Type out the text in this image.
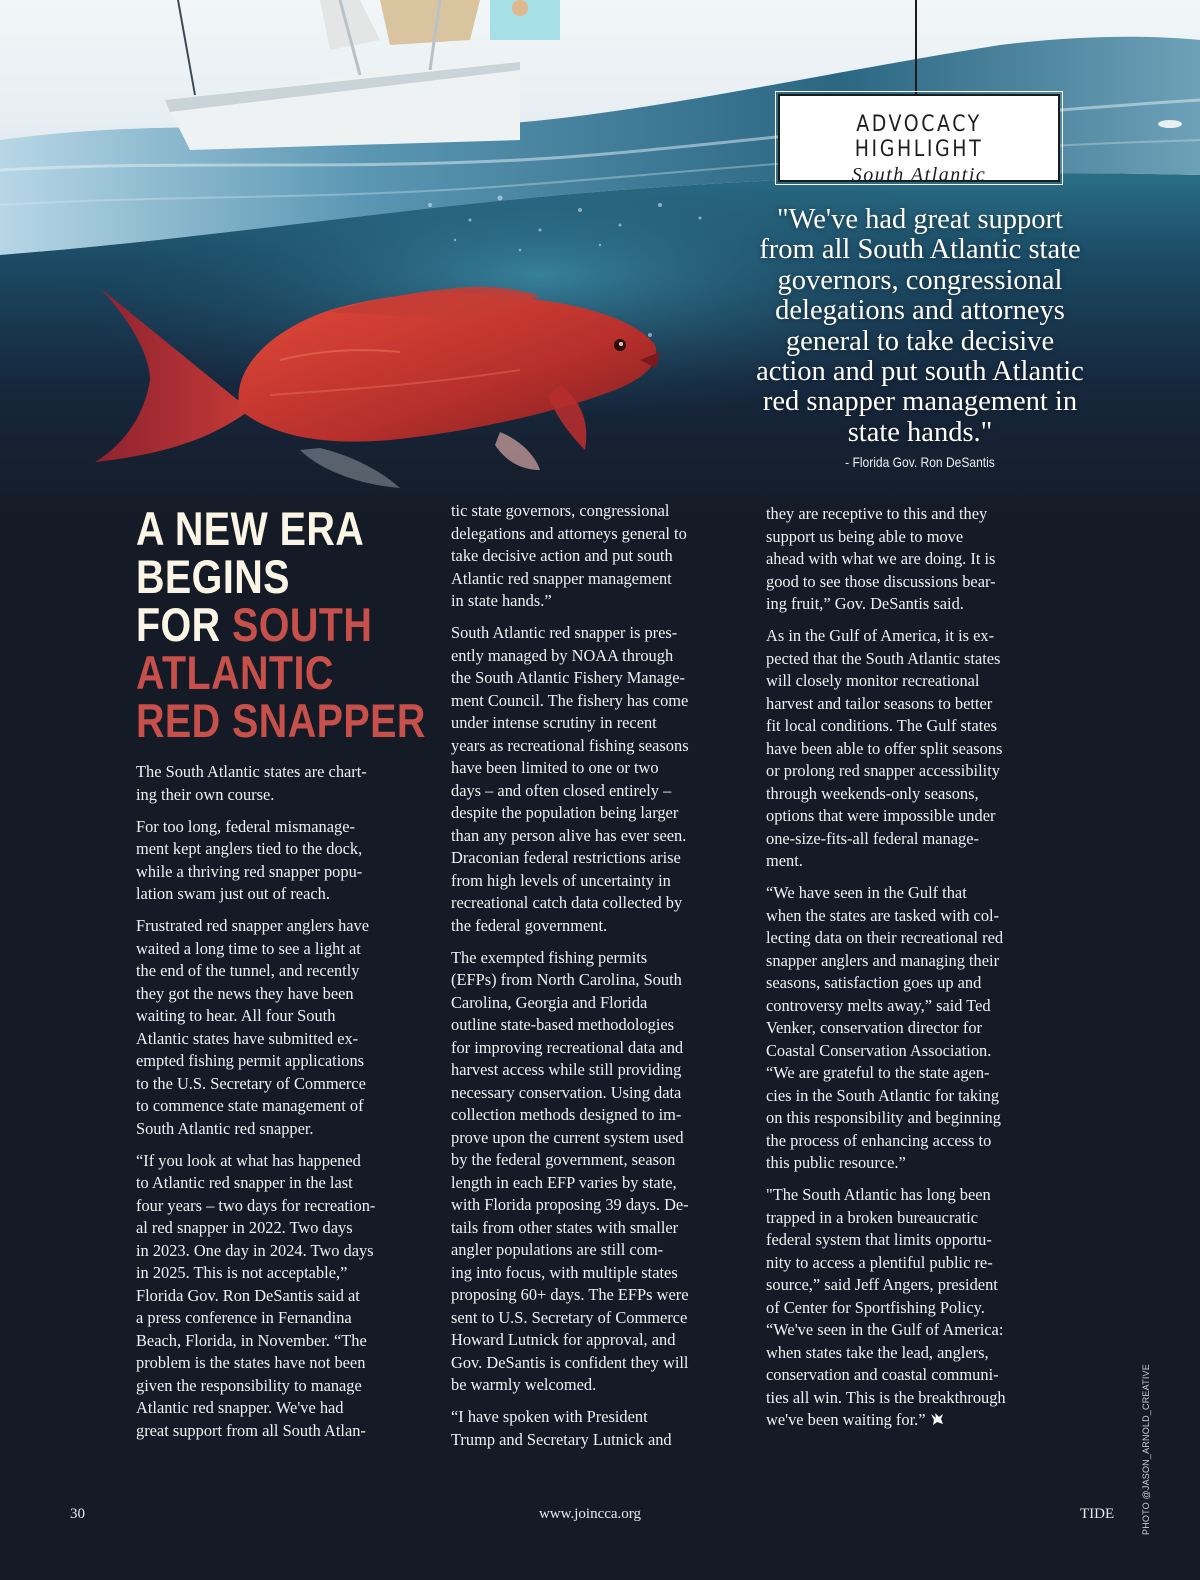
ADVOCACY HIGHLIGHT
South Atlantic
"We've had great support
from all South Atlantic state
governors, congressional
delegations and attorneys
general to take decisive
action and put south Atlantic
red snapper management in
state hands."
- Florida Gov. Ron DeSantis
A NEW ERA
BEGINS
FOR SOUTH
ATLANTIC
RED SNAPPER
The South Atlantic states are chart-
ing their own course.
For too long, federal mismanage-
ment kept anglers tied to the dock,
while a thriving red snapper popu-
lation swam just out of reach.
Frustrated red snapper anglers have
waited a long time to see a light at
the end of the tunnel, and recently
they got the news they have been
waiting to hear. All four South
Atlantic states have submitted ex-
empted fishing permit applications
to the U.S. Secretary of Commerce
to commence state management of
South Atlantic red snapper.
“If you look at what has happened
to Atlantic red snapper in the last
four years – two days for recreation-
al red snapper in 2022. Two days
in 2023. One day in 2024. Two days
in 2025. This is not acceptable,”
Florida Gov. Ron DeSantis said at
a press conference in Fernandina
Beach, Florida, in November. “The
problem is the states have not been
given the responsibility to manage
Atlantic red snapper. We've had
great support from all South Atlan-
tic state governors, congressional
delegations and attorneys general to
take decisive action and put south
Atlantic red snapper management
in state hands.”
South Atlantic red snapper is pres-
ently managed by NOAA through
the South Atlantic Fishery Manage-
ment Council. The fishery has come
under intense scrutiny in recent
years as recreational fishing seasons
have been limited to one or two
days – and often closed entirely –
despite the population being larger
than any person alive has ever seen.
Draconian federal restrictions arise
from high levels of uncertainty in
recreational catch data collected by
the federal government.
The exempted fishing permits
(EFPs) from North Carolina, South
Carolina, Georgia and Florida
outline state-based methodologies
for improving recreational data and
harvest access while still providing
necessary conservation. Using data
collection methods designed to im-
prove upon the current system used
by the federal government, season
length in each EFP varies by state,
with Florida proposing 39 days. De-
tails from other states with smaller
angler populations are still com-
ing into focus, with multiple states
proposing 60+ days. The EFPs were
sent to U.S. Secretary of Commerce
Howard Lutnick for approval, and
Gov. DeSantis is confident they will
be warmly welcomed.
“I have spoken with President
Trump and Secretary Lutnick and
they are receptive to this and they
support us being able to move
ahead with what we are doing. It is
good to see those discussions bear-
ing fruit,” Gov. DeSantis said.
As in the Gulf of America, it is ex-
pected that the South Atlantic states
will closely monitor recreational
harvest and tailor seasons to better
fit local conditions. The Gulf states
have been able to offer split seasons
or prolong red snapper accessibility
through weekends-only seasons,
options that were impossible under
one-size-fits-all federal manage-
ment.
“We have seen in the Gulf that
when the states are tasked with col-
lecting data on their recreational red
snapper anglers and managing their
seasons, satisfaction goes up and
controversy melts away,” said Ted
Venker, conservation director for
Coastal Conservation Association.
“We are grateful to the state agen-
cies in the South Atlantic for taking
on this responsibility and beginning
the process of enhancing access to
this public resource.”
"The South Atlantic has long been
trapped in a broken bureaucratic
federal system that limits opportu-
nity to access a plentiful public re-
source,” said Jeff Angers, president
of Center for Sportfishing Policy.
“We've seen in the Gulf of America:
when states take the lead, anglers,
conservation and coastal communi-
ties all win. This is the breakthrough
we've been waiting for.”
30	www.joincca.org	TIDE	PHOTO @JASON_ARNOLD_CREATIVE
